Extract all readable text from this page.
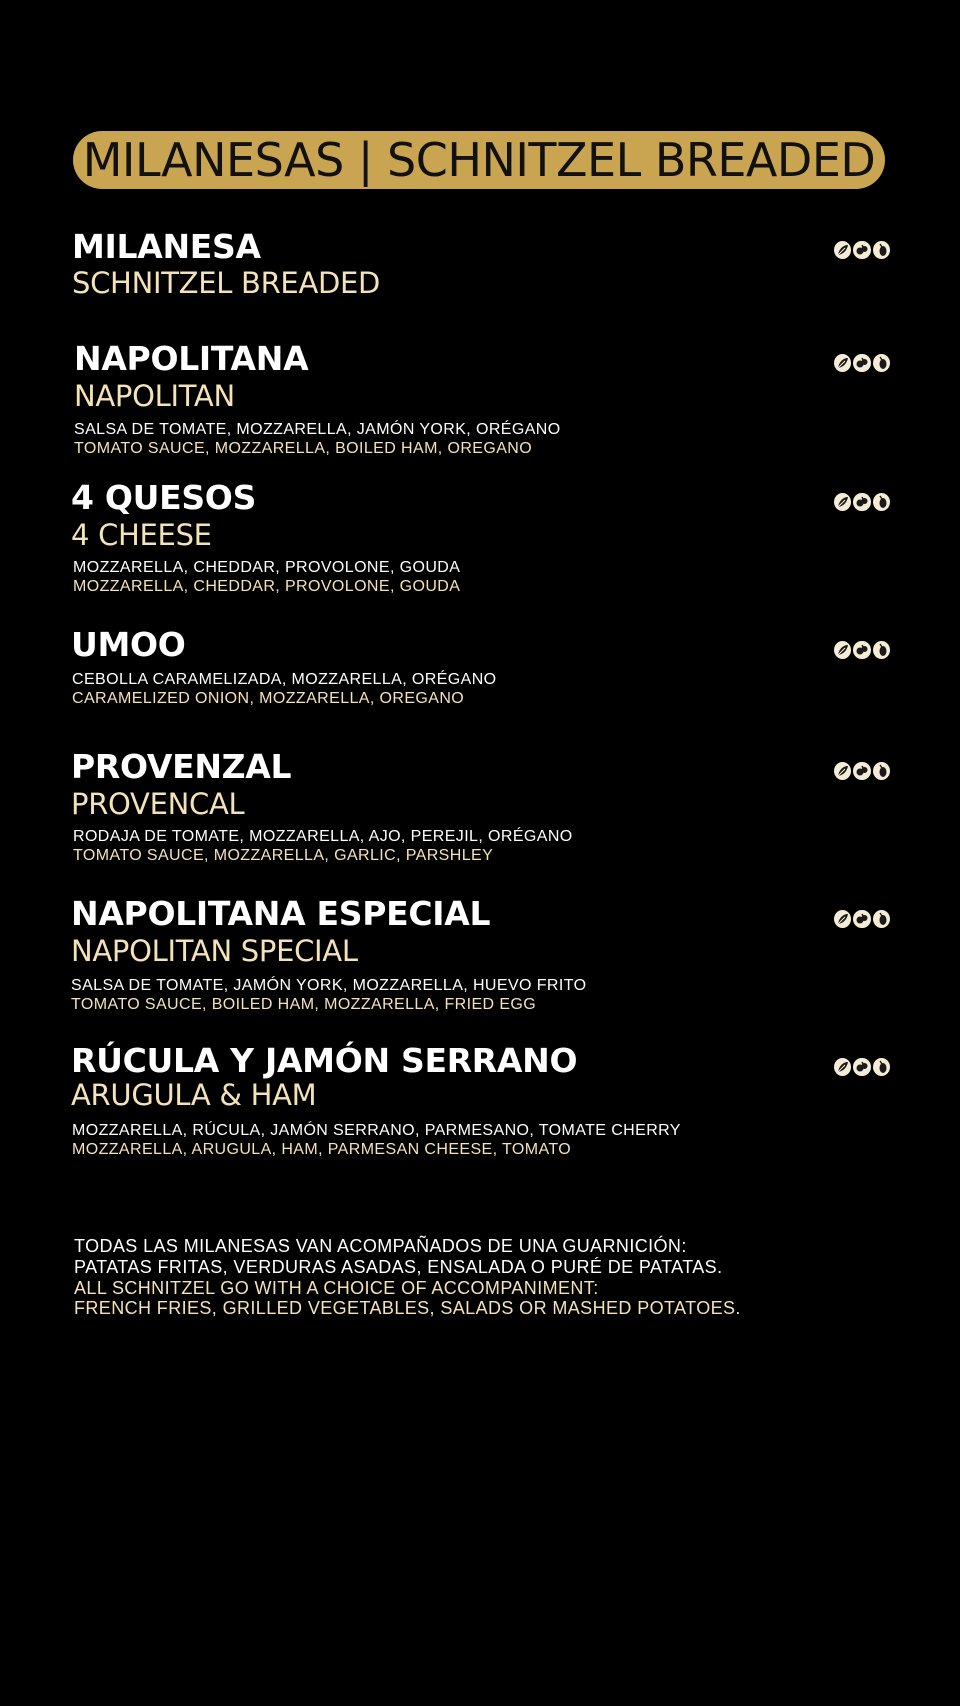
MILANESAS | SCHNITZEL BREADED
MILANESA
SCHNITZEL BREADED
NAPOLITANA
NAPOLITAN
SALSA DE TOMATE, MOZZARELLA, JAMÓN YORK, ORÉGANO
TOMATO SAUCE, MOZZARELLA, BOILED HAM, OREGANO
4 QUESOS
4 CHEESE
MOZZARELLA, CHEDDAR, PROVOLONE, GOUDA
MOZZARELLA, CHEDDAR, PROVOLONE, GOUDA
UMOO
CEBOLLA CARAMELIZADA, MOZZARELLA, ORÉGANO
CARAMELIZED ONION, MOZZARELLA, OREGANO
PROVENZAL
PROVENCAL
RODAJA DE TOMATE, MOZZARELLA, AJO, PEREJIL, ORÉGANO
TOMATO SAUCE, MOZZARELLA, GARLIC, PARSHLEY
NAPOLITANA ESPECIAL
NAPOLITAN SPECIAL
SALSA DE TOMATE, JAMÓN YORK, MOZZARELLA, HUEVO FRITO
TOMATO SAUCE, BOILED HAM, MOZZARELLA, FRIED EGG
RÚCULA Y JAMÓN SERRANO
ARUGULA & HAM
MOZZARELLA, RÚCULA, JAMÓN SERRANO, PARMESANO, TOMATE CHERRY
MOZZARELLA, ARUGULA, HAM, PARMESAN CHEESE, TOMATO
TODAS LAS MILANESAS VAN ACOMPAÑADOS DE UNA GUARNICIÓN:
PATATAS FRITAS, VERDURAS ASADAS, ENSALADA O PURÉ DE PATATAS.
ALL SCHNITZEL GO WITH A CHOICE OF ACCOMPANIMENT:
FRENCH FRIES, GRILLED VEGETABLES, SALADS OR MASHED POTATOES.
